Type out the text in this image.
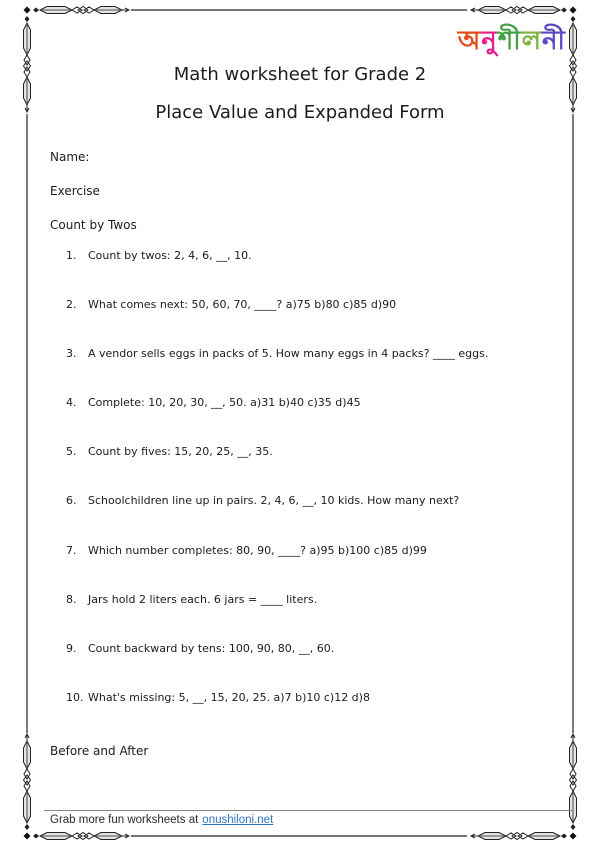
অনুশীলনী
Math worksheet for Grade 2
Place Value and Expanded Form
Name:
Exercise
Count by Twos
Before and After
1.	Count by twos: 2, 4, 6, __, 10.
2.	What comes next: 50, 60, 70, ____? a)75 b)80 c)85 d)90
3.	A vendor sells eggs in packs of 5. How many eggs in 4 packs? ____ eggs.
4.	Complete: 10, 20, 30, __, 50. a)31 b)40 c)35 d)45
5.	Count by fives: 15, 20, 25, __, 35.
6.	Schoolchildren line up in pairs. 2, 4, 6, __, 10 kids. How many next?
7.	Which number completes: 80, 90, ____? a)95 b)100 c)85 d)99
8.	Jars hold 2 liters each. 6 jars = ____ liters.
9.	Count backward by tens: 100, 90, 80, __, 60.
10. What's missing: 5, __, 15, 20, 25. a)7 b)10 c)12 d)8
Grab more fun worksheets at onushiloni.net
